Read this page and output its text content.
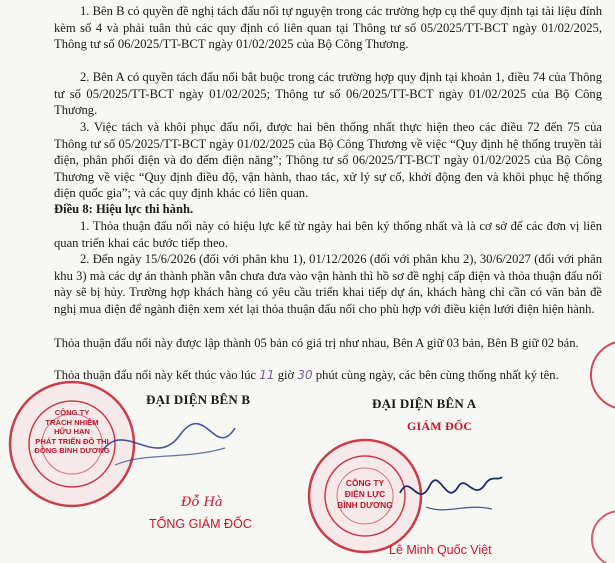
1. Bên B có quyền đề nghị tách đấu nối tự nguyện trong các trường hợp cụ thể quy định tại tài liệu đính kèm số 4 và phải tuân thủ các quy định có liên quan tại Thông tư số 05/2025/TT-BCT ngày 01/02/2025, Thông tư số 06/2025/TT-BCT ngày 01/02/2025 của Bộ Công Thương.

2. Bên A có quyền tách đấu nối bắt buộc trong các trường hợp quy định tại khoản 1, điều 74 của Thông tư số 05/2025/TT-BCT ngày 01/02/2025; Thông tư số 06/2025/TT-BCT ngày 01/02/2025 của Bộ Công Thương.

3. Việc tách và khôi phục đấu nối, được hai bên thống nhất thực hiện theo các điều 72 đến 75 của Thông tư số 05/2025/TT-BCT ngày 01/02/2025 của Bộ Công Thương về việc “Quy định hệ thống truyền tải điện, phân phối điện và đo đếm điện năng”; Thông tư số 06/2025/TT-BCT ngày 01/02/2025 của Bộ Công Thương về việc “Quy định điều độ, vận hành, thao tác, xử lý sự cố, khởi động đen và khôi phục hệ thống điện quốc gia”; và các quy định khác có liên quan.

Điều 8: Hiệu lực thi hành.

1. Thỏa thuận đấu nối này có hiệu lực kể từ ngày hai bên ký thống nhất và là cơ sở để các đơn vị liên quan triển khai các bước tiếp theo.

2. Đến ngày 15/6/2026 (đối với phân khu 1), 01/12/2026 (đối với phân khu 2), 30/6/2027 (đối với phân khu 3) mà các dự án thành phần vẫn chưa đưa vào vận hành thì hồ sơ đề nghị cấp điện và thỏa thuận đấu nối này sẽ bị hủy. Trường hợp khách hàng có yêu cầu triển khai tiếp dự án, khách hàng chỉ cần có văn bản đề nghị mua điện để ngành điện xem xét lại thỏa thuận đấu nối cho phù hợp với điều kiện lưới điện hiện hành.

Thỏa thuận đấu nối này được lập thành 05 bản có giá trị như nhau, Bên A giữ 03 bản, Bên B giữ 02 bản.

Thỏa thuận đấu nối này kết thúc vào lúc 11 giờ 30 phút cùng ngày, các bên cùng thống nhất ký tên.

ĐẠI DIỆN BÊN B
CÔNG TY
TRÁCH NHIỆM
HỮU HẠN
PHÁT TRIỂN ĐÔ THỊ
ĐỒNG BÌNH DƯƠNG
Đỗ Hà
TỔNG GIÁM ĐỐC
ĐẠI DIỆN BÊN A
GIÁM ĐỐC
CÔNG TY
ĐIỆN LỰC
BÌNH DƯƠNG
Lê Minh Quốc Việt
